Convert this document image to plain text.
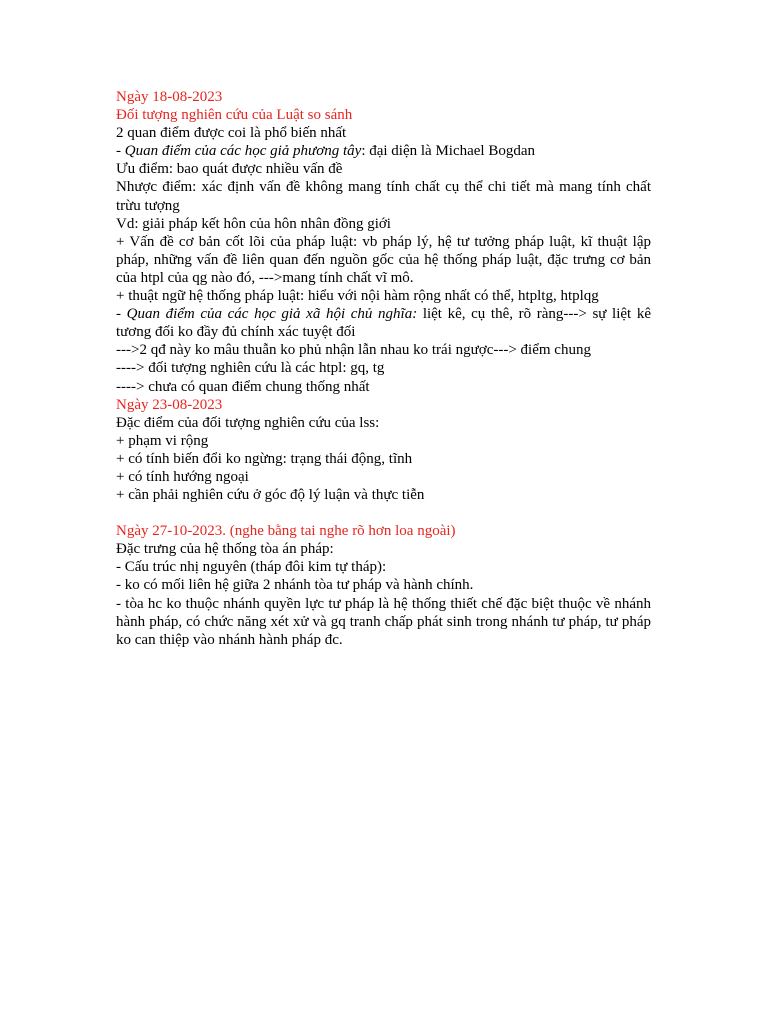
Ngày 18-08-2023
Đối tượng nghiên cứu của Luật so sánh
2 quan điểm được coi là phổ biến nhất
- Quan điểm của các học giả phương tây: đại diện là Michael Bogdan
Ưu điểm: bao quát được nhiều vấn đề
Nhược điểm: xác định vấn đề không mang tính chất cụ thể chi tiết mà mang tính chất trừu tượng
Vd: giải pháp kết hôn của hôn nhân đồng giới
+ Vấn đề cơ bản cốt lõi của pháp luật: vb pháp lý, hệ tư tưởng pháp luật, kĩ thuật lập pháp, những vấn đề liên quan đến nguồn gốc của hệ thống pháp luật, đặc trưng cơ bản của htpl của qg nào đó, --->mang tính chất vĩ mô.
+ thuật ngữ hệ thống pháp luật: hiểu với nội hàm rộng nhất có thể, htpltg, htplqg
- Quan điểm của các học giả xã hội chủ nghĩa: liệt kê, cụ thê, rõ ràng---> sự liệt kê tương đối ko đầy đủ chính xác tuyệt đối
--->2 qđ này ko mâu thuẫn ko phủ nhận lẫn nhau ko trái ngược---> điểm chung
----> đối tượng nghiên cứu là các htpl: gq, tg
----> chưa có quan điểm chung thống nhất
Ngày 23-08-2023
Đặc điểm của đối tượng nghiên cứu của lss:
+ phạm vi rộng
+ có tính biến đổi ko ngừng: trạng thái động, tĩnh
+ có tính hướng ngoại
+ cần phải nghiên cứu ở góc độ lý luận và thực tiễn
Ngày 27-10-2023. (nghe bằng tai nghe rõ hơn loa ngoài)
Đặc trưng của hệ thống tòa án pháp:
- Cấu trúc nhị nguyên (tháp đôi kim tự tháp):
- ko có mối liên hệ giữa 2 nhánh tòa tư pháp và hành chính.
- tòa hc ko thuộc nhánh quyền lực tư pháp là hệ thống thiết chế đặc biệt thuộc về nhánh hành pháp, có chức năng xét xử và gq tranh chấp phát sinh trong nhánh tư pháp, tư pháp ko can thiệp vào nhánh hành pháp đc.
